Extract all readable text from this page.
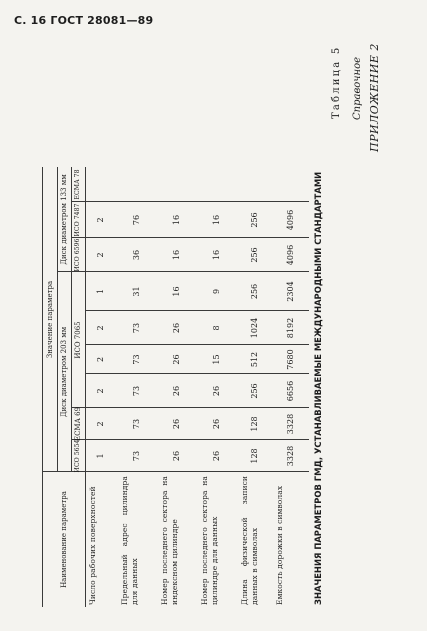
С. 16 ГОСТ 28081—89
ПРИЛОЖЕНИЕ 2
Справочное
Таблица 5
ЗНАЧЕНИЯ ПАРАМЕТРОВ ГМД, УСТАНАВЛИВАЕМЫЕ МЕЖДУНАРОДНЫМИ СТАНДАРТАМИ
Наименование параметра
Значение параметра
Диск диаметром 203 мм
Диск диаметром 133 мм
ИСО 5654
ЕСМА 69
ИСО 7065
ИСО 6596
ИСО 7487
ЕСМА 78
Число рабочих поверхностей
1
2
2
2
2
1
2
2
Предельный адрес цилиндра для данных
73
73
73
73
73
31
36
76
Номер последнего сектора на индексном цилиндре
26
26
26
26
26
16
16
16
Номер последнего сектора на цилиндре для данных
26
26
26
15
8
9
16
16
Длина физической записи данных в символах
128
128
256
512
1024
256
256
256
Емкость дорожки в символах
3328
3328
6656
7680
8192
2304
4096
4096
